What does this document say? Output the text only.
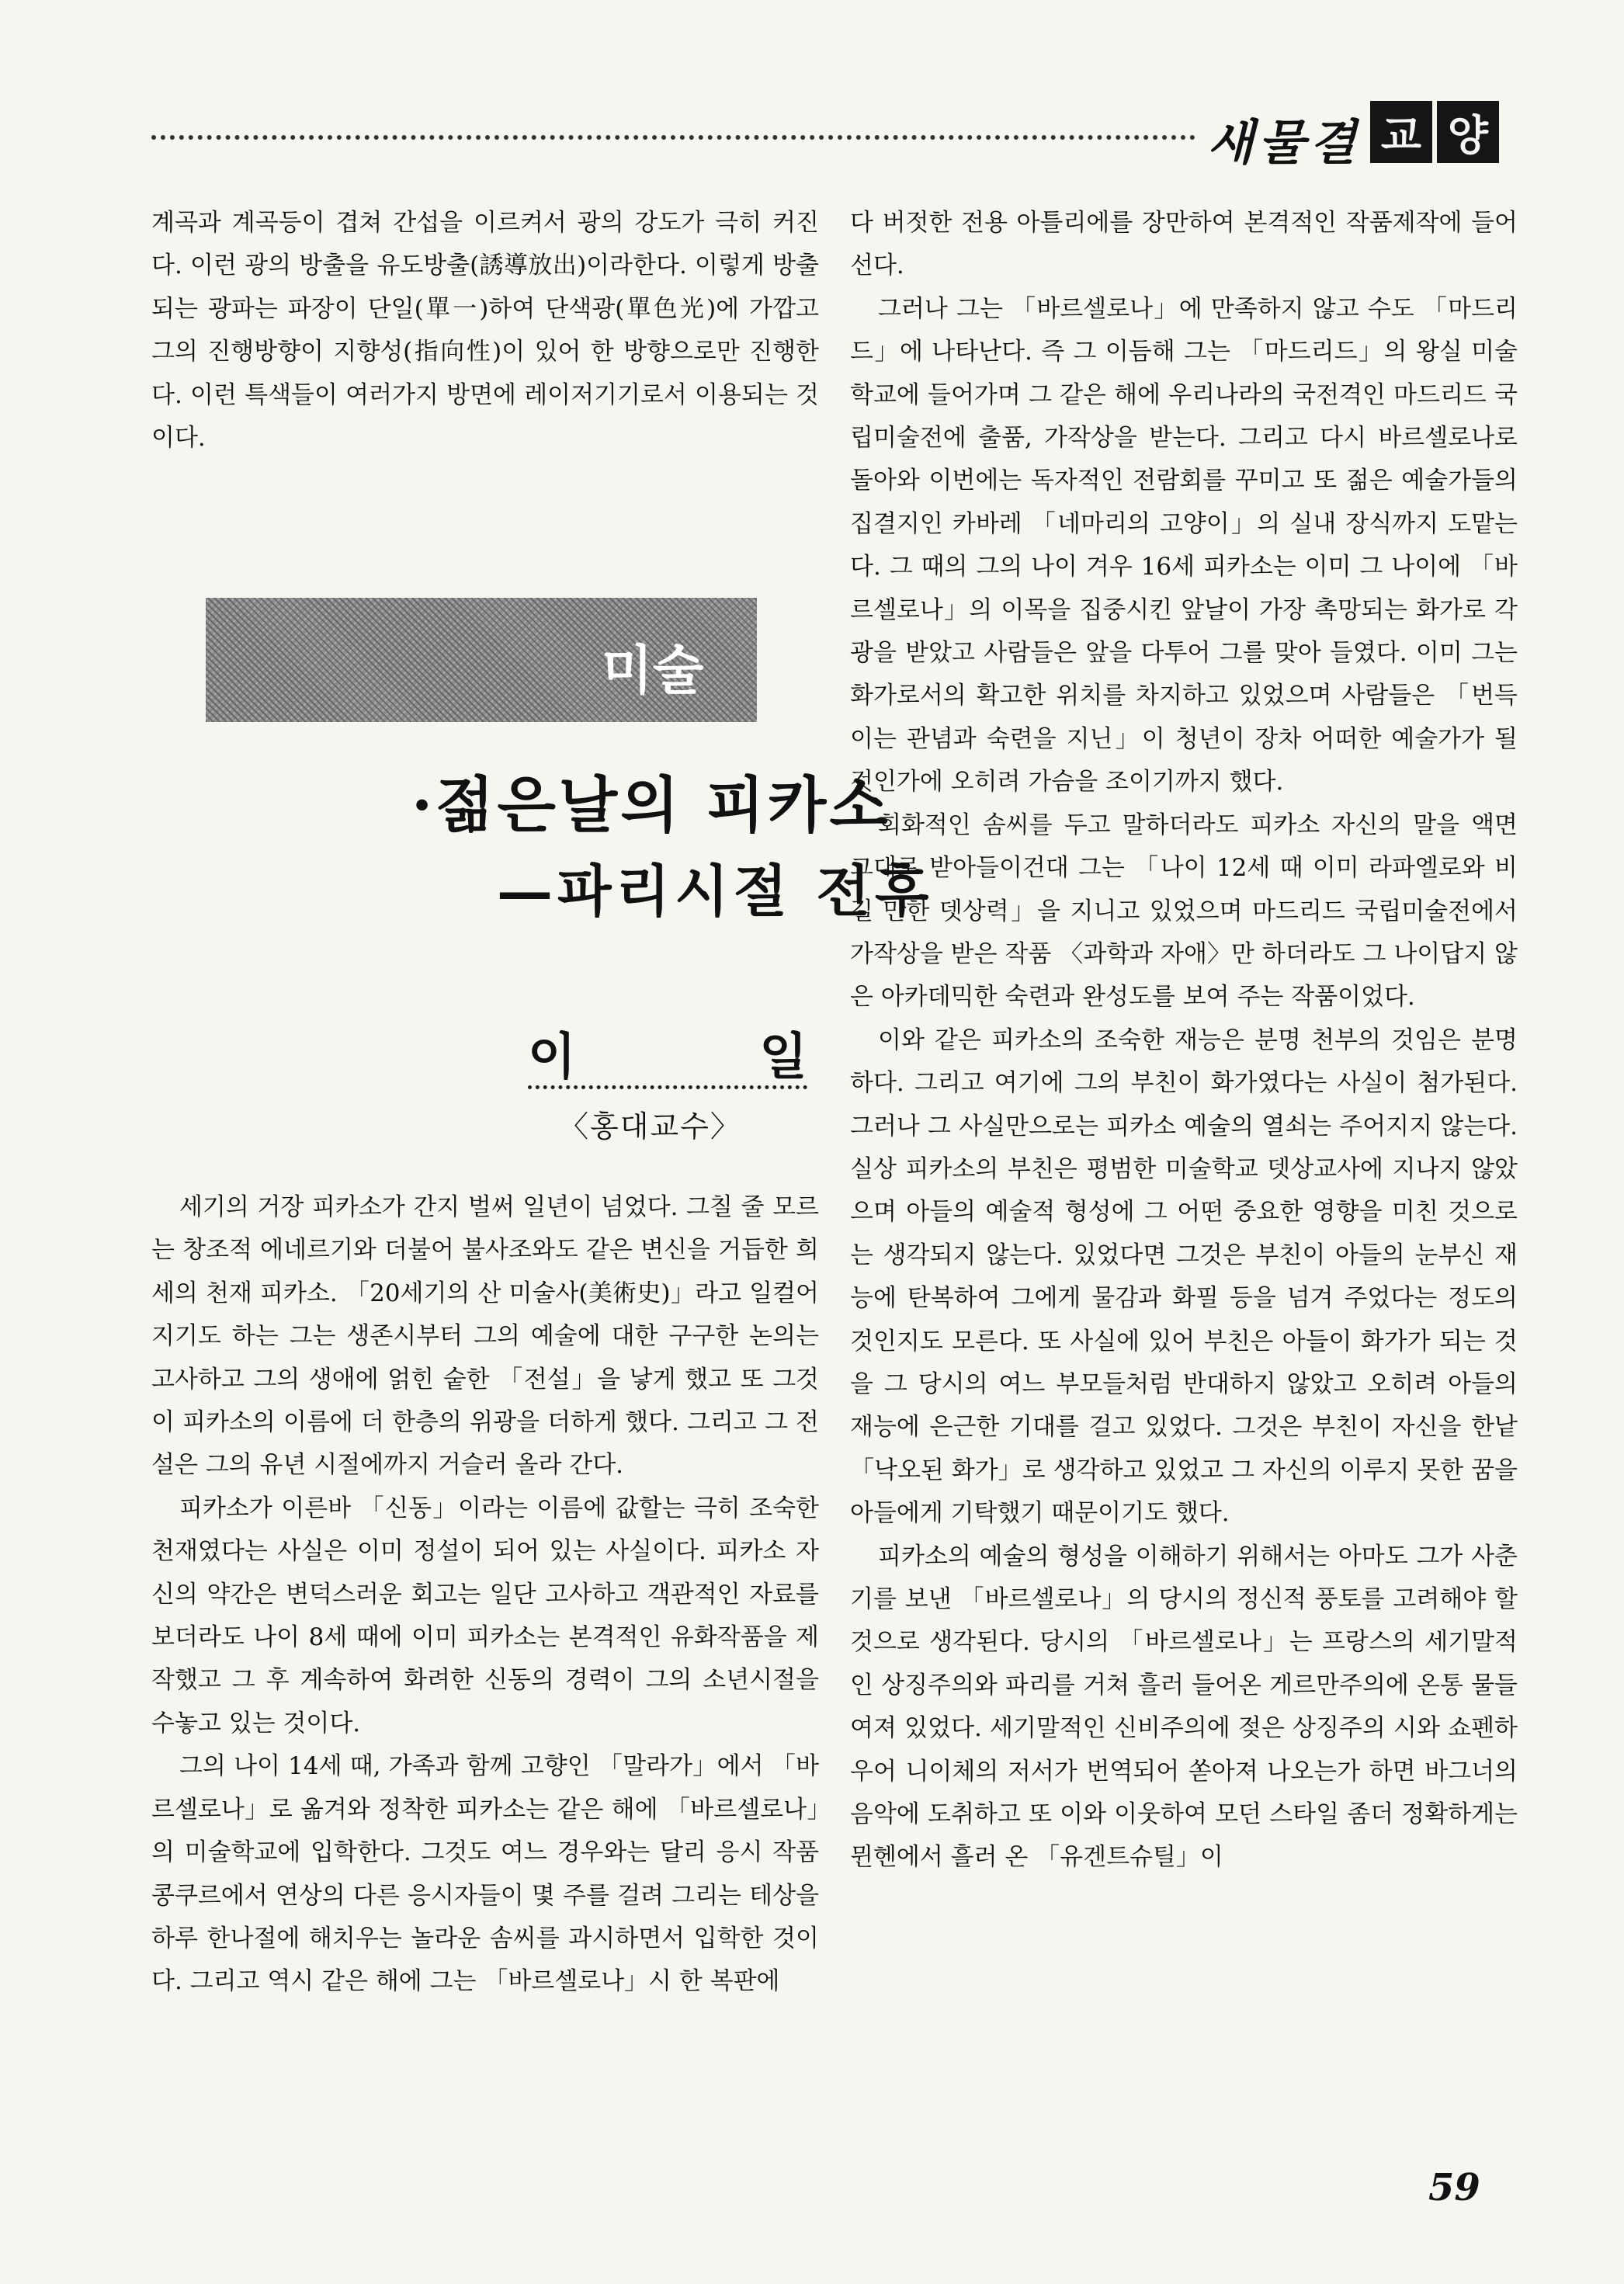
새물결 교 양

계곡과 계곡등이 겹쳐 간섭을 이르켜서 광의 강도가 극히 커진다. 이런 광의 방출을 유도방출(誘導放出)이라한다. 이렇게 방출되는 광파는 파장이 단일(單一)하여 단색광(單色光)에 가깝고 그의 진행방향이 지향성(指向性)이 있어 한 방향으로만 진행한다. 이런 특색들이 여러가지 방면에 레이저기기로서 이용되는 것이다.

미술
·젊은날의 피카소
—파리시절 전후
이	일
〈홍대교수〉

세기의 거장 피카소가 간지 벌써 일년이 넘었다. 그칠 줄 모르는 창조적 에네르기와 더불어 불사조와도 같은 변신을 거듭한 희세의 천재 피카소. 「20세기의 산 미술사(美術史)」라고 일컬어지기도 하는 그는 생존시부터 그의 예술에 대한 구구한 논의는 고사하고 그의 생애에 얽힌 숱한 「전설」을 낳게 했고 또 그것이 피카소의 이름에 더 한층의 위광을 더하게 했다. 그리고 그 전설은 그의 유년 시절에까지 거슬러 올라 간다.

피카소가 이른바 「신동」이라는 이름에 값할는 극히 조숙한 천재였다는 사실은 이미 정설이 되어 있는 사실이다. 피카소 자신의 약간은 변덕스러운 회고는 일단 고사하고 객관적인 자료를 보더라도 나이 8세 때에 이미 피카소는 본격적인 유화작품을 제작했고 그 후 계속하여 화려한 신동의 경력이 그의 소년시절을 수놓고 있는 것이다.

그의 나이 14세 때, 가족과 함께 고향인 「말라가」에서 「바르셀로나」로 옮겨와 정착한 피카소는 같은 해에 「바르셀로나」의 미술학교에 입학한다. 그것도 여느 경우와는 달리 응시 작품 콩쿠르에서 연상의 다른 응시자들이 몇 주를 걸려 그리는 테상을 하루 한나절에 해치우는 놀라운 솜씨를 과시하면서 입학한 것이다. 그리고 역시 같은 해에 그는 「바르셀로나」시 한 복판에

다 버젓한 전용 아틀리에를 장만하여 본격적인 작품제작에 들어선다.

그러나 그는 「바르셀로나」에 만족하지 않고 수도 「마드리드」에 나타난다. 즉 그 이듬해 그는 「마드리드」의 왕실 미술학교에 들어가며 그 같은 해에 우리나라의 국전격인 마드리드 국립미술전에 출품, 가작상을 받는다. 그리고 다시 바르셀로나로 돌아와 이번에는 독자적인 전람회를 꾸미고 또 젊은 예술가들의 집결지인 카바레 「네마리의 고양이」의 실내 장식까지 도맡는다. 그 때의 그의 나이 겨우 16세 피카소는 이미 그 나이에 「바르셀로나」의 이목을 집중시킨 앞날이 가장 촉망되는 화가로 각광을 받았고 사람들은 앞을 다투어 그를 맞아 들였다. 이미 그는 화가로서의 확고한 위치를 차지하고 있었으며 사람들은 「번득이는 관념과 숙련을 지닌」이 청년이 장차 어떠한 예술가가 될 것인가에 오히려 가슴을 조이기까지 했다.

회화적인 솜씨를 두고 말하더라도 피카소 자신의 말을 액면 그대로 받아들이건대 그는 「나이 12세 때 이미 라파엘로와 비길 만한 뎃상력」을 지니고 있었으며 마드리드 국립미술전에서 가작상을 받은 작품 〈과학과 자애〉만 하더라도 그 나이답지 않은 아카데믹한 숙련과 완성도를 보여 주는 작품이었다.

이와 같은 피카소의 조숙한 재능은 분명 천부의 것임은 분명하다. 그리고 여기에 그의 부친이 화가였다는 사실이 첨가된다. 그러나 그 사실만으로는 피카소 예술의 열쇠는 주어지지 않는다. 실상 피카소의 부친은 평범한 미술학교 뎃상교사에 지나지 않았으며 아들의 예술적 형성에 그 어떤 중요한 영향을 미친 것으로는 생각되지 않는다. 있었다면 그것은 부친이 아들의 눈부신 재능에 탄복하여 그에게 물감과 화필 등을 넘겨 주었다는 정도의 것인지도 모른다. 또 사실에 있어 부친은 아들이 화가가 되는 것을 그 당시의 여느 부모들처럼 반대하지 않았고 오히려 아들의 재능에 은근한 기대를 걸고 있었다. 그것은 부친이 자신을 한낱 「낙오된 화가」로 생각하고 있었고 그 자신의 이루지 못한 꿈을 아들에게 기탁했기 때문이기도 했다.

피카소의 예술의 형성을 이해하기 위해서는 아마도 그가 사춘기를 보낸 「바르셀로나」의 당시의 정신적 풍토를 고려해야 할 것으로 생각된다. 당시의 「바르셀로나」는 프랑스의 세기말적인 상징주의와 파리를 거쳐 흘러 들어온 게르만주의에 온통 물들여져 있었다. 세기말적인 신비주의에 젖은 상징주의 시와 쇼펜하우어 니이체의 저서가 번역되어 쏟아져 나오는가 하면 바그너의 음악에 도취하고 또 이와 이웃하여 모던 스타일 좀더 정확하게는 뮌헨에서 흘러 온 「유겐트슈틸」이

59
